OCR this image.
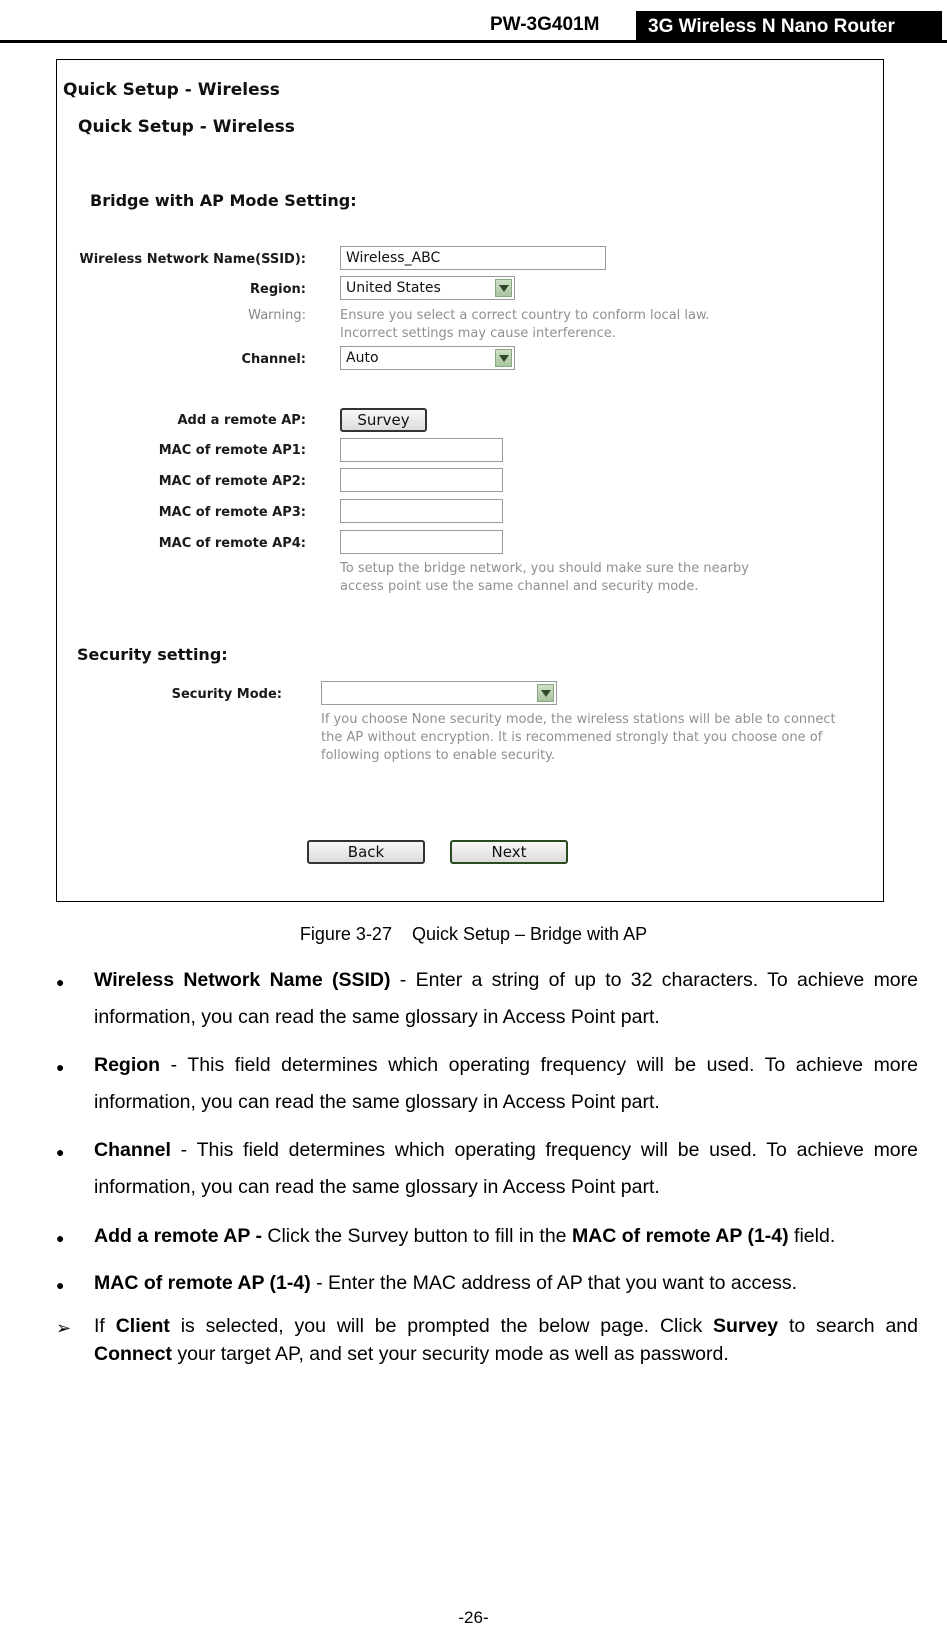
PW-3G401M	3G Wireless N Nano Router
Quick Setup - Wireless
Quick Setup - Wireless
Bridge with AP Mode Setting:
Wireless Network Name(SSID):	Wireless_ABC
Region:	United States
Warning:	Ensure you select a correct country to conform local law.
Incorrect settings may cause interference.
Channel:	Auto
Add a remote AP:	Survey
MAC of remote AP1:
MAC of remote AP2:
MAC of remote AP3:
MAC of remote AP4:
To setup the bridge network, you should make sure the nearby
access point use the same channel and security mode.
Security setting:
Security Mode:
If you choose None security mode, the wireless stations will be able to connect
the AP without encryption. It is recommened strongly that you choose one of
following options to enable security.
Back	Next
Figure 3-27    Quick Setup – Bridge with AP
● Wireless Network Name (SSID) - Enter a string of up to 32 characters. To achieve more information, you can read the same glossary in Access Point part.
● Region - This field determines which operating frequency will be used. To achieve more information, you can read the same glossary in Access Point part.
● Channel - This field determines which operating frequency will be used. To achieve more information, you can read the same glossary in Access Point part.
● Add a remote AP - Click the Survey button to fill in the MAC of remote AP (1-4) field.
● MAC of remote AP (1-4) - Enter the MAC address of AP that you want to access.
➢ If Client is selected, you will be prompted the below page. Click Survey to search and Connect your target AP, and set your security mode as well as password.
-26-
